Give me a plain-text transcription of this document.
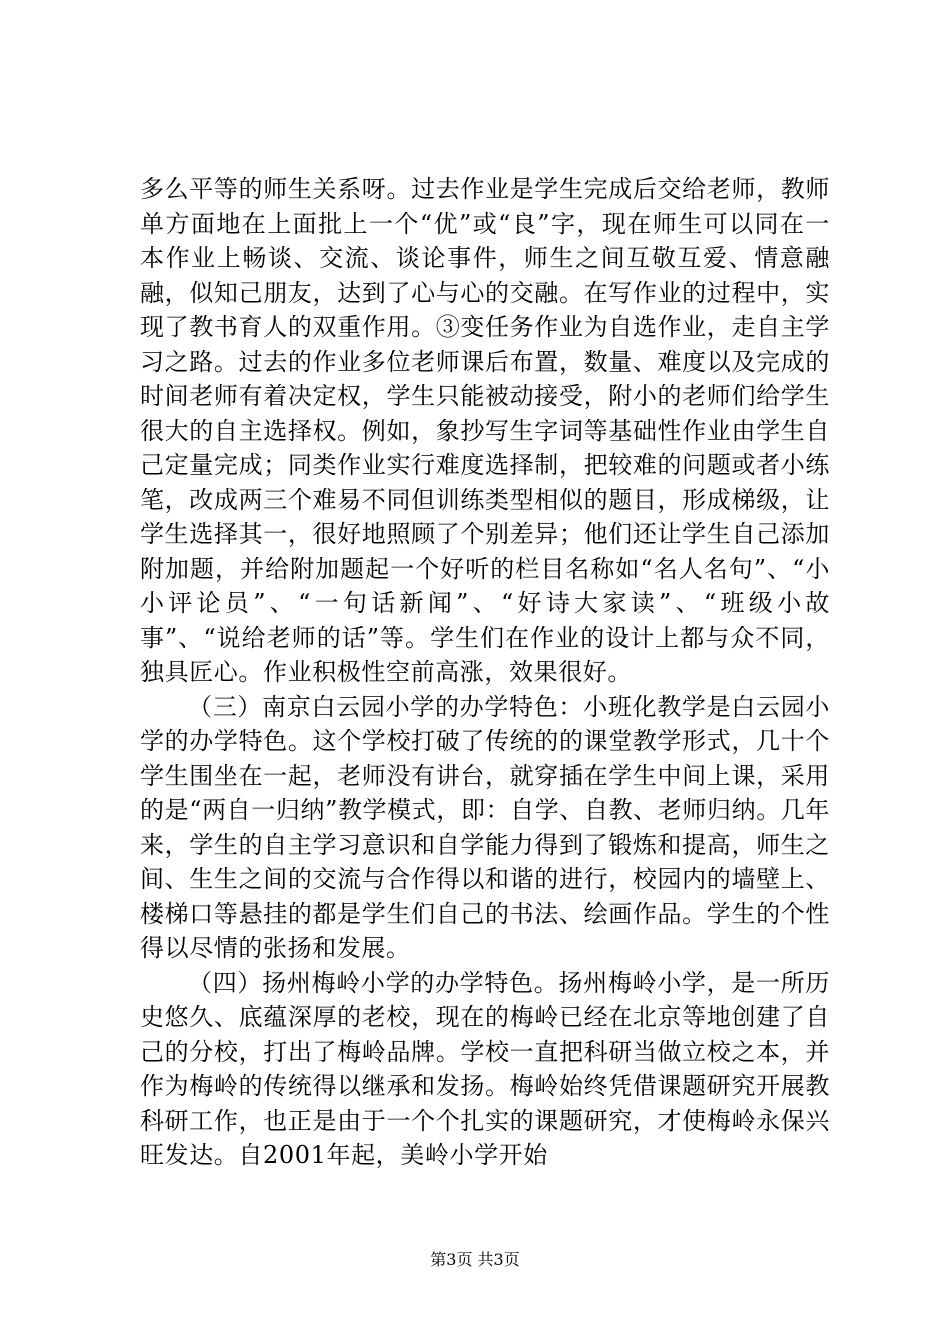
多么平等的师生关系呀。过去作业是学生完成后交给老师，教师单方面地在上面批上一个“优”或“良”字，现在师生可以同在一本作业上畅谈、交流、谈论事件，师生之间互敬互爱、情意融融，似知己朋友，达到了心与心的交融。在写作业的过程中，实现了教书育人的双重作用。③变任务作业为自选作业，走自主学习之路。过去的作业多位老师课后布置，数量、难度以及完成的时间老师有着决定权，学生只能被动接受，附小的老师们给学生很大的自主选择权。例如，象抄写生字词等基础性作业由学生自己定量完成；同类作业实行难度选择制，把较难的问题或者小练笔，改成两三个难易不同但训练类型相似的题目，形成梯级，让学生选择其一，很好地照顾了个别差异；他们还让学生自己添加附加题，并给附加题起一个好听的栏目名称如“名人名句”、“小小评论员”、“一句话新闻”、“好诗大家读”、“班级小故事”、“说给老师的话”等。学生们在作业的设计上都与众不同，独具匠心。作业积极性空前高涨，效果很好。

（三）南京白云园小学的办学特色：小班化教学是白云园小学的办学特色。这个学校打破了传统的的课堂教学形式，几十个学生围坐在一起，老师没有讲台，就穿插在学生中间上课，采用的是“两自一归纳”教学模式，即：自学、自教、老师归纳。几年来，学生的自主学习意识和自学能力得到了锻炼和提高，师生之间、生生之间的交流与合作得以和谐的进行，校园内的墙壁上、楼梯口等悬挂的都是学生们自己的书法、绘画作品。学生的个性得以尽情的张扬和发展。

（四）扬州梅岭小学的办学特色。扬州梅岭小学，是一所历史悠久、底蕴深厚的老校，现在的梅岭已经在北京等地创建了自己的分校，打出了梅岭品牌。学校一直把科研当做立校之本，并作为梅岭的传统得以继承和发扬。梅岭始终凭借课题研究开展教科研工作，也正是由于一个个扎实的课题研究，才使梅岭永保兴旺发达。自2001年起，美岭小学开始

第3页 共3页
